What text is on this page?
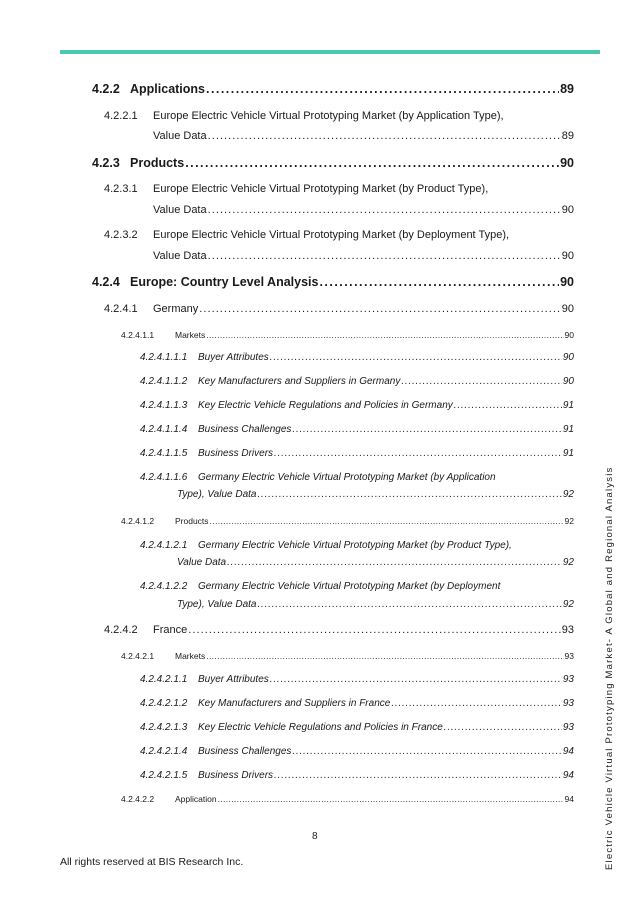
4.2.2 Applications . . .	89
4.2.2.1 Europe Electric Vehicle Virtual Prototyping Market (by Application Type),
Value Data . . .	89
4.2.3 Products . . .	90
4.2.3.1 Europe Electric Vehicle Virtual Prototyping Market (by Product Type),
Value Data . . .	90
4.2.3.2 Europe Electric Vehicle Virtual Prototyping Market (by Deployment Type),
Value Data . . .	90
4.2.4 Europe: Country Level Analysis . . .	90
4.2.4.1 Germany . . .	90
4.2.4.1.1 Markets . . .	90
4.2.4.1.1.1 Buyer Attributes . . .	90
4.2.4.1.1.2 Key Manufacturers and Suppliers in Germany . . .	90
4.2.4.1.1.3 Key Electric Vehicle Regulations and Policies in Germany . . .	91
4.2.4.1.1.4 Business Challenges . . .	91
4.2.4.1.1.5 Business Drivers . . .	91
4.2.4.1.1.6 Germany Electric Vehicle Virtual Prototyping Market (by Application
Type), Value Data . . .	92
4.2.4.1.2 Products . . .	92
4.2.4.1.2.1 Germany Electric Vehicle Virtual Prototyping Market (by Product Type),
Value Data . . .	92
4.2.4.1.2.2 Germany Electric Vehicle Virtual Prototyping Market (by Deployment
Type), Value Data . . .	92
4.2.4.2 France . . .	93
4.2.4.2.1 Markets . . .	93
4.2.4.2.1.1 Buyer Attributes . . .	93
4.2.4.2.1.2 Key Manufacturers and Suppliers in France . . .	93
4.2.4.2.1.3 Key Electric Vehicle Regulations and Policies in France . . .	93
4.2.4.2.1.4 Business Challenges . . .	94
4.2.4.2.1.5 Business Drivers . . .	94
4.2.4.2.2 Application . . .	94	Electric Vehicle Virtual Prototyping Market- A Global and Regional Analysis
8
All rights reserved at BIS Research Inc.
